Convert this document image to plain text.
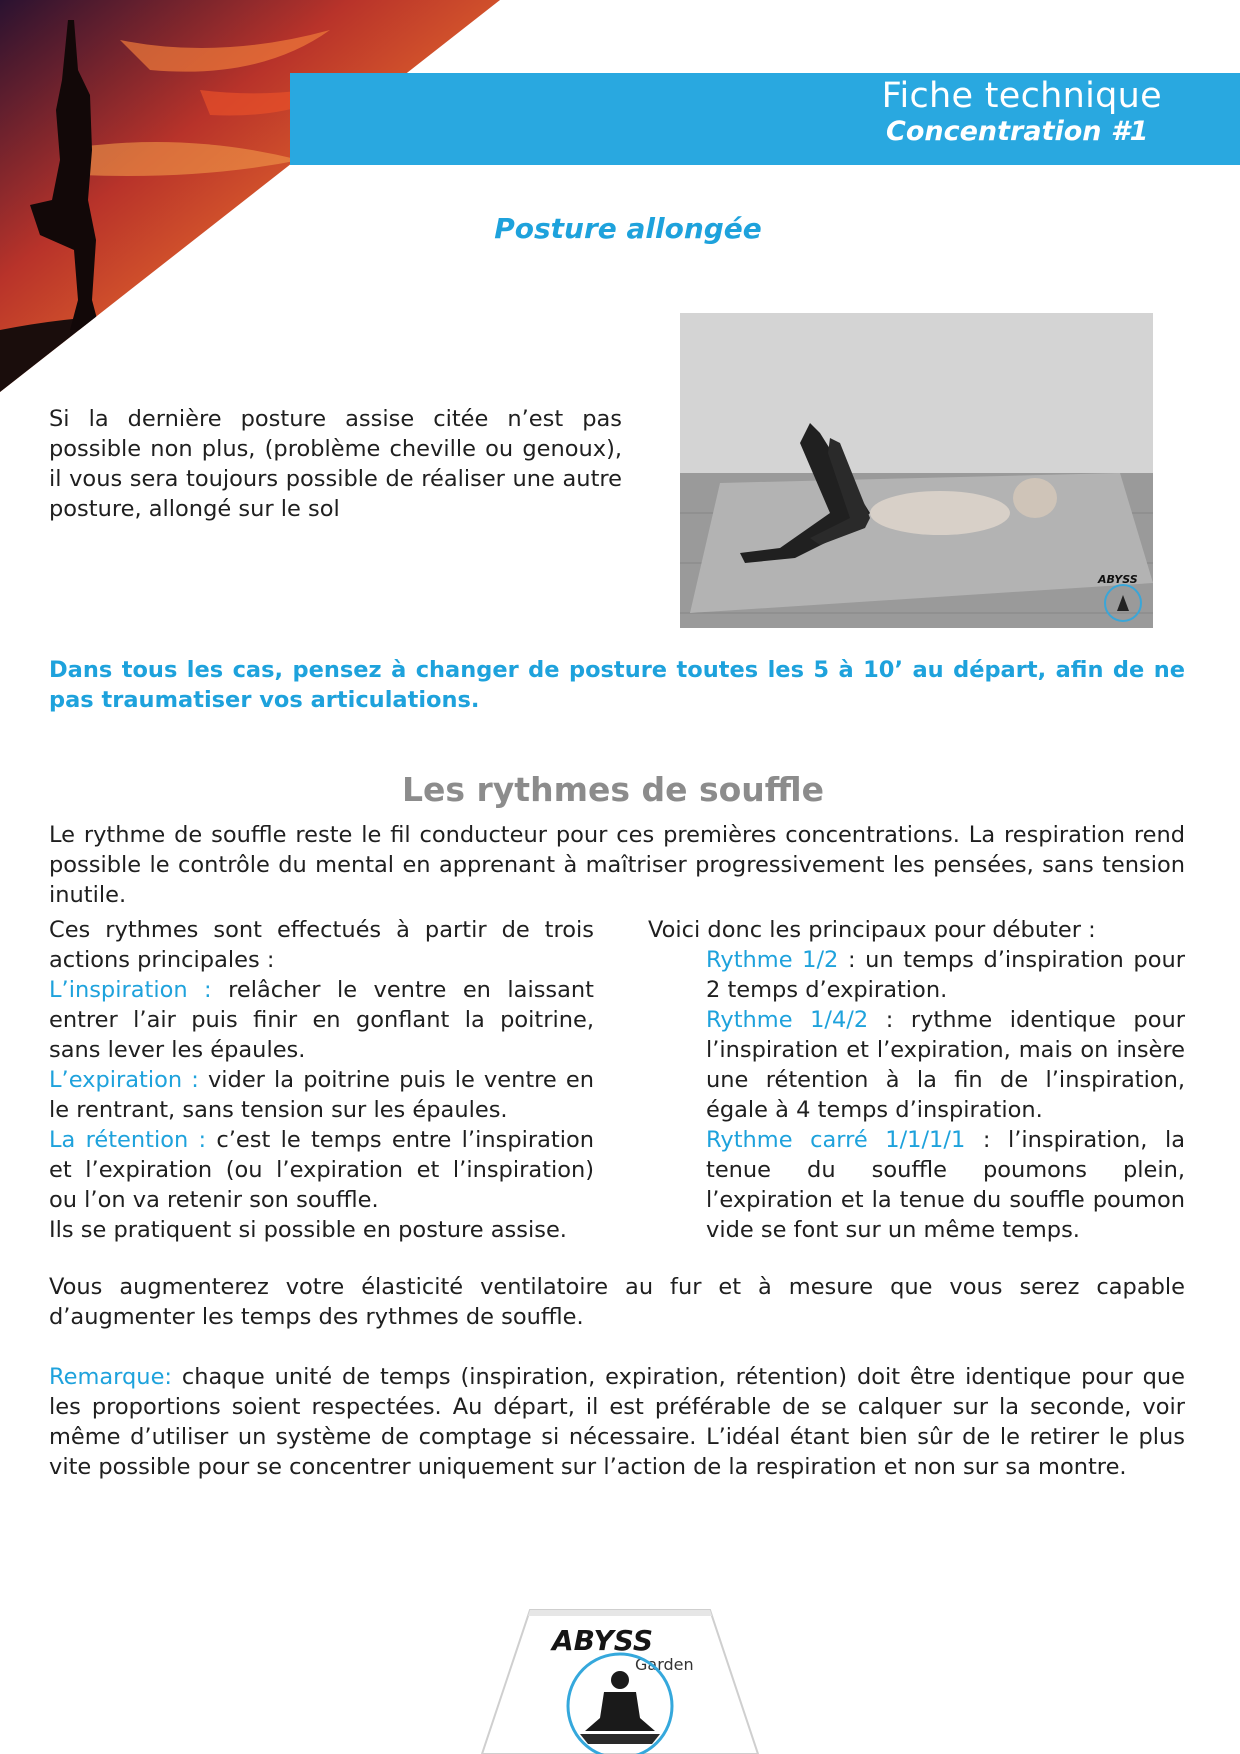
Fiche technique
Concentration #1
Posture allongée
Si la dernière posture assise citée n’est pas possible non plus, (problème cheville ou genoux), il vous sera toujours possible de réaliser une autre posture, allongé sur le sol
ABYSS
Dans tous les cas, pensez à changer de posture toutes les 5 à 10’ au départ, afin de ne pas traumatiser vos articulations.
Les rythmes de souffle
Le rythme de souffle reste le fil conducteur pour ces premières concentrations. La respiration rend possible le contrôle du mental en apprenant à maîtriser progressivement les pensées, sans tension inutile.
Ces rythmes sont effectués à partir de trois actions principales :
L’inspiration : relâcher le ventre en laissant entrer l’air puis finir en gonflant la poitrine, sans lever les épaules.
L’expiration : vider la poitrine puis le ventre en le rentrant, sans tension sur les épaules.
La rétention : c’est le temps entre l’inspiration et l’expiration (ou l’expiration et l’inspiration) ou l’on va retenir son souffle.
Ils se pratiquent si possible en posture assise.
Voici donc les principaux pour débuter :
Rythme 1/2 : un temps d’inspiration pour 2 temps d’expiration.
Rythme 1/4/2 : rythme identique pour l’inspiration et l’expiration, mais on insère une rétention à la fin de l’inspiration, égale à 4 temps d’inspiration.
Rythme carré 1/1/1/1 : l’inspiration, la tenue du souffle poumons plein, l’expiration et la tenue du souffle poumon vide se font sur un même temps.
Vous augmenterez votre élasticité ventilatoire au fur et à mesure que vous serez capable d’augmenter les temps des rythmes de souffle.
Remarque: chaque unité de temps (inspiration, expiration, rétention) doit être identique pour que les proportions soient respectées. Au départ, il est préférable de se calquer sur la seconde, voir même d’utiliser un système de comptage si nécessaire. L’idéal étant bien sûr de le retirer le plus vite possible pour se concentrer uniquement sur l’action de la respiration et non sur sa montre.
ABYSS
Garden
